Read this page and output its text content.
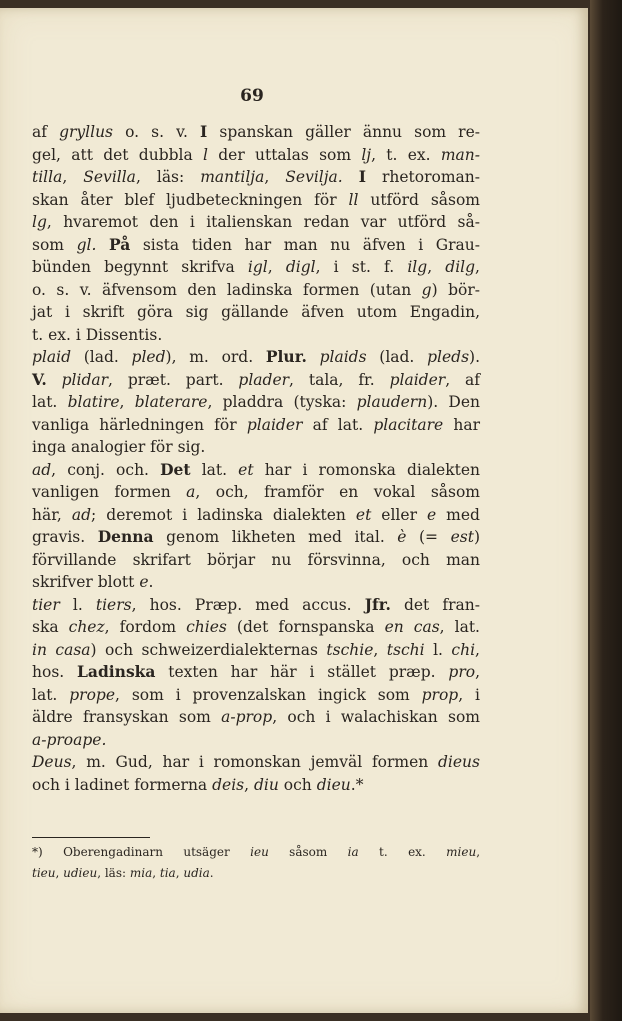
69
af gryllus o. s. v. I spanskan gäller ännu som re-
gel, att det dubbla l der uttalas som lj, t. ex. man-
tilla, Sevilla, läs: mantilja, Sevilja. I rhetoroman-
skan åter blef ljudbeteckningen för ll utförd såsom
lg, hvaremot den i italienskan redan var utförd så-
som gl. På sista tiden har man nu äfven i Grau-
bünden begynnt skrifva igl, digl, i st. f. ilg, dilg,
o. s. v. äfvensom den ladinska formen (utan g) bör-
jat i skrift göra sig gällande äfven utom Engadin,
t. ex. i Dissentis.
plaid (lad. pled), m. ord. Plur. plaids (lad. pleds).
V. plidar, præt. part. plader, tala, fr. plaider, af
lat. blatire, blaterare, pladdra (tyska: plaudern). Den
vanliga härledningen för plaider af lat. placitare har
inga analogier för sig.
ad, conj. och. Det lat. et har i romonska dialekten
vanligen formen a, och, framför en vokal såsom
här, ad; deremot i ladinska dialekten et eller e med
gravis. Denna genom likheten med ital. è (= est)
förvillande skrifart börjar nu försvinna, och man
skrifver blott e.
tier l. tiers, hos. Præp. med accus. Jfr. det fran-
ska chez, fordom chies (det fornspanska en cas, lat.
in casa) och schweizerdialekternas tschie, tschi l. chi,
hos. Ladinska texten har här i stället præp. pro,
lat. prope, som i provenzalskan ingick som prop, i
äldre fransyskan som a-prop, och i walachiskan som
a-proape.
Deus, m. Gud, har i romonskan jemväl formen dieus
och i ladinet formerna deis, diu och dieu.*
*) Oberengadinarn utsäger ieu såsom ia t. ex. mieu,
tieu, udieu, läs: mia, tia, udia.
